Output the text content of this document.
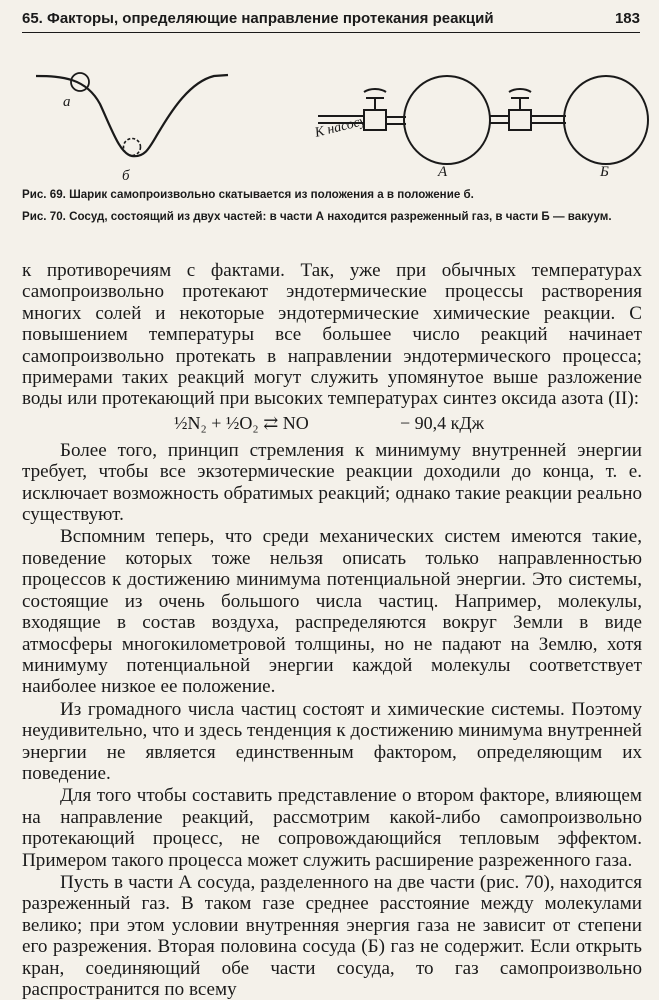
65. Факторы, определяющие направление протекания реакций	183
а
б
К насосу
А	Б
Рис. 69. Шарик самопроизвольно скатывается из положения а в положение б.
Рис. 70. Сосуд, состоящий из двух частей: в части А находится разреженный газ, в части Б — вакуум.

к противоречиям с фактами. Так, уже при обычных температурах самопроизвольно протекают эндотермические процессы растворения многих солей и некоторые эндотермические химические реакции. С повышением температуры все большее число реакций начинает самопроизвольно протекать в направлении эндотермического процесса; примерами таких реакций могут служить упомянутое выше разложение воды или протекающий при высоких температурах синтез оксида азота (II):

½N₂ + ½O₂ ⇄ NO	− 90,4 кДж

Более того, принцип стремления к минимуму внутренней энергии требует, чтобы все экзотермические реакции доходили до конца, т. е. исключает возможность обратимых реакций; однако такие реакции реально существуют.

Вспомним теперь, что среди механических систем имеются такие, поведение которых тоже нельзя описать только направленностью процессов к достижению минимума потенциальной энергии. Это системы, состоящие из очень большого числа частиц. Например, молекулы, входящие в состав воздуха, распределяются вокруг Земли в виде атмосферы многокилометровой толщины, но не падают на Землю, хотя минимуму потенциальной энергии каждой молекулы соответствует наиболее низкое ее положение.

Из громадного числа частиц состоят и химические системы. Поэтому неудивительно, что и здесь тенденция к достижению минимума внутренней энергии не является единственным фактором, определяющим их поведение.

Для того чтобы составить представление о втором факторе, влияющем на направление реакций, рассмотрим какой-либо самопроизвольно протекающий процесс, не сопровождающийся тепловым эффектом. Примером такого процесса может служить расширение разреженного газа.

Пусть в части А сосуда, разделенного на две части (рис. 70), находится разреженный газ. В таком газе среднее расстояние между молекулами велико; при этом условии внутренняя энергия газа не зависит от степени его разрежения. Вторая половина сосуда (Б) газ не содержит. Если открыть кран, соединяющий обе части сосуда, то газ самопроизвольно распространится по всему
